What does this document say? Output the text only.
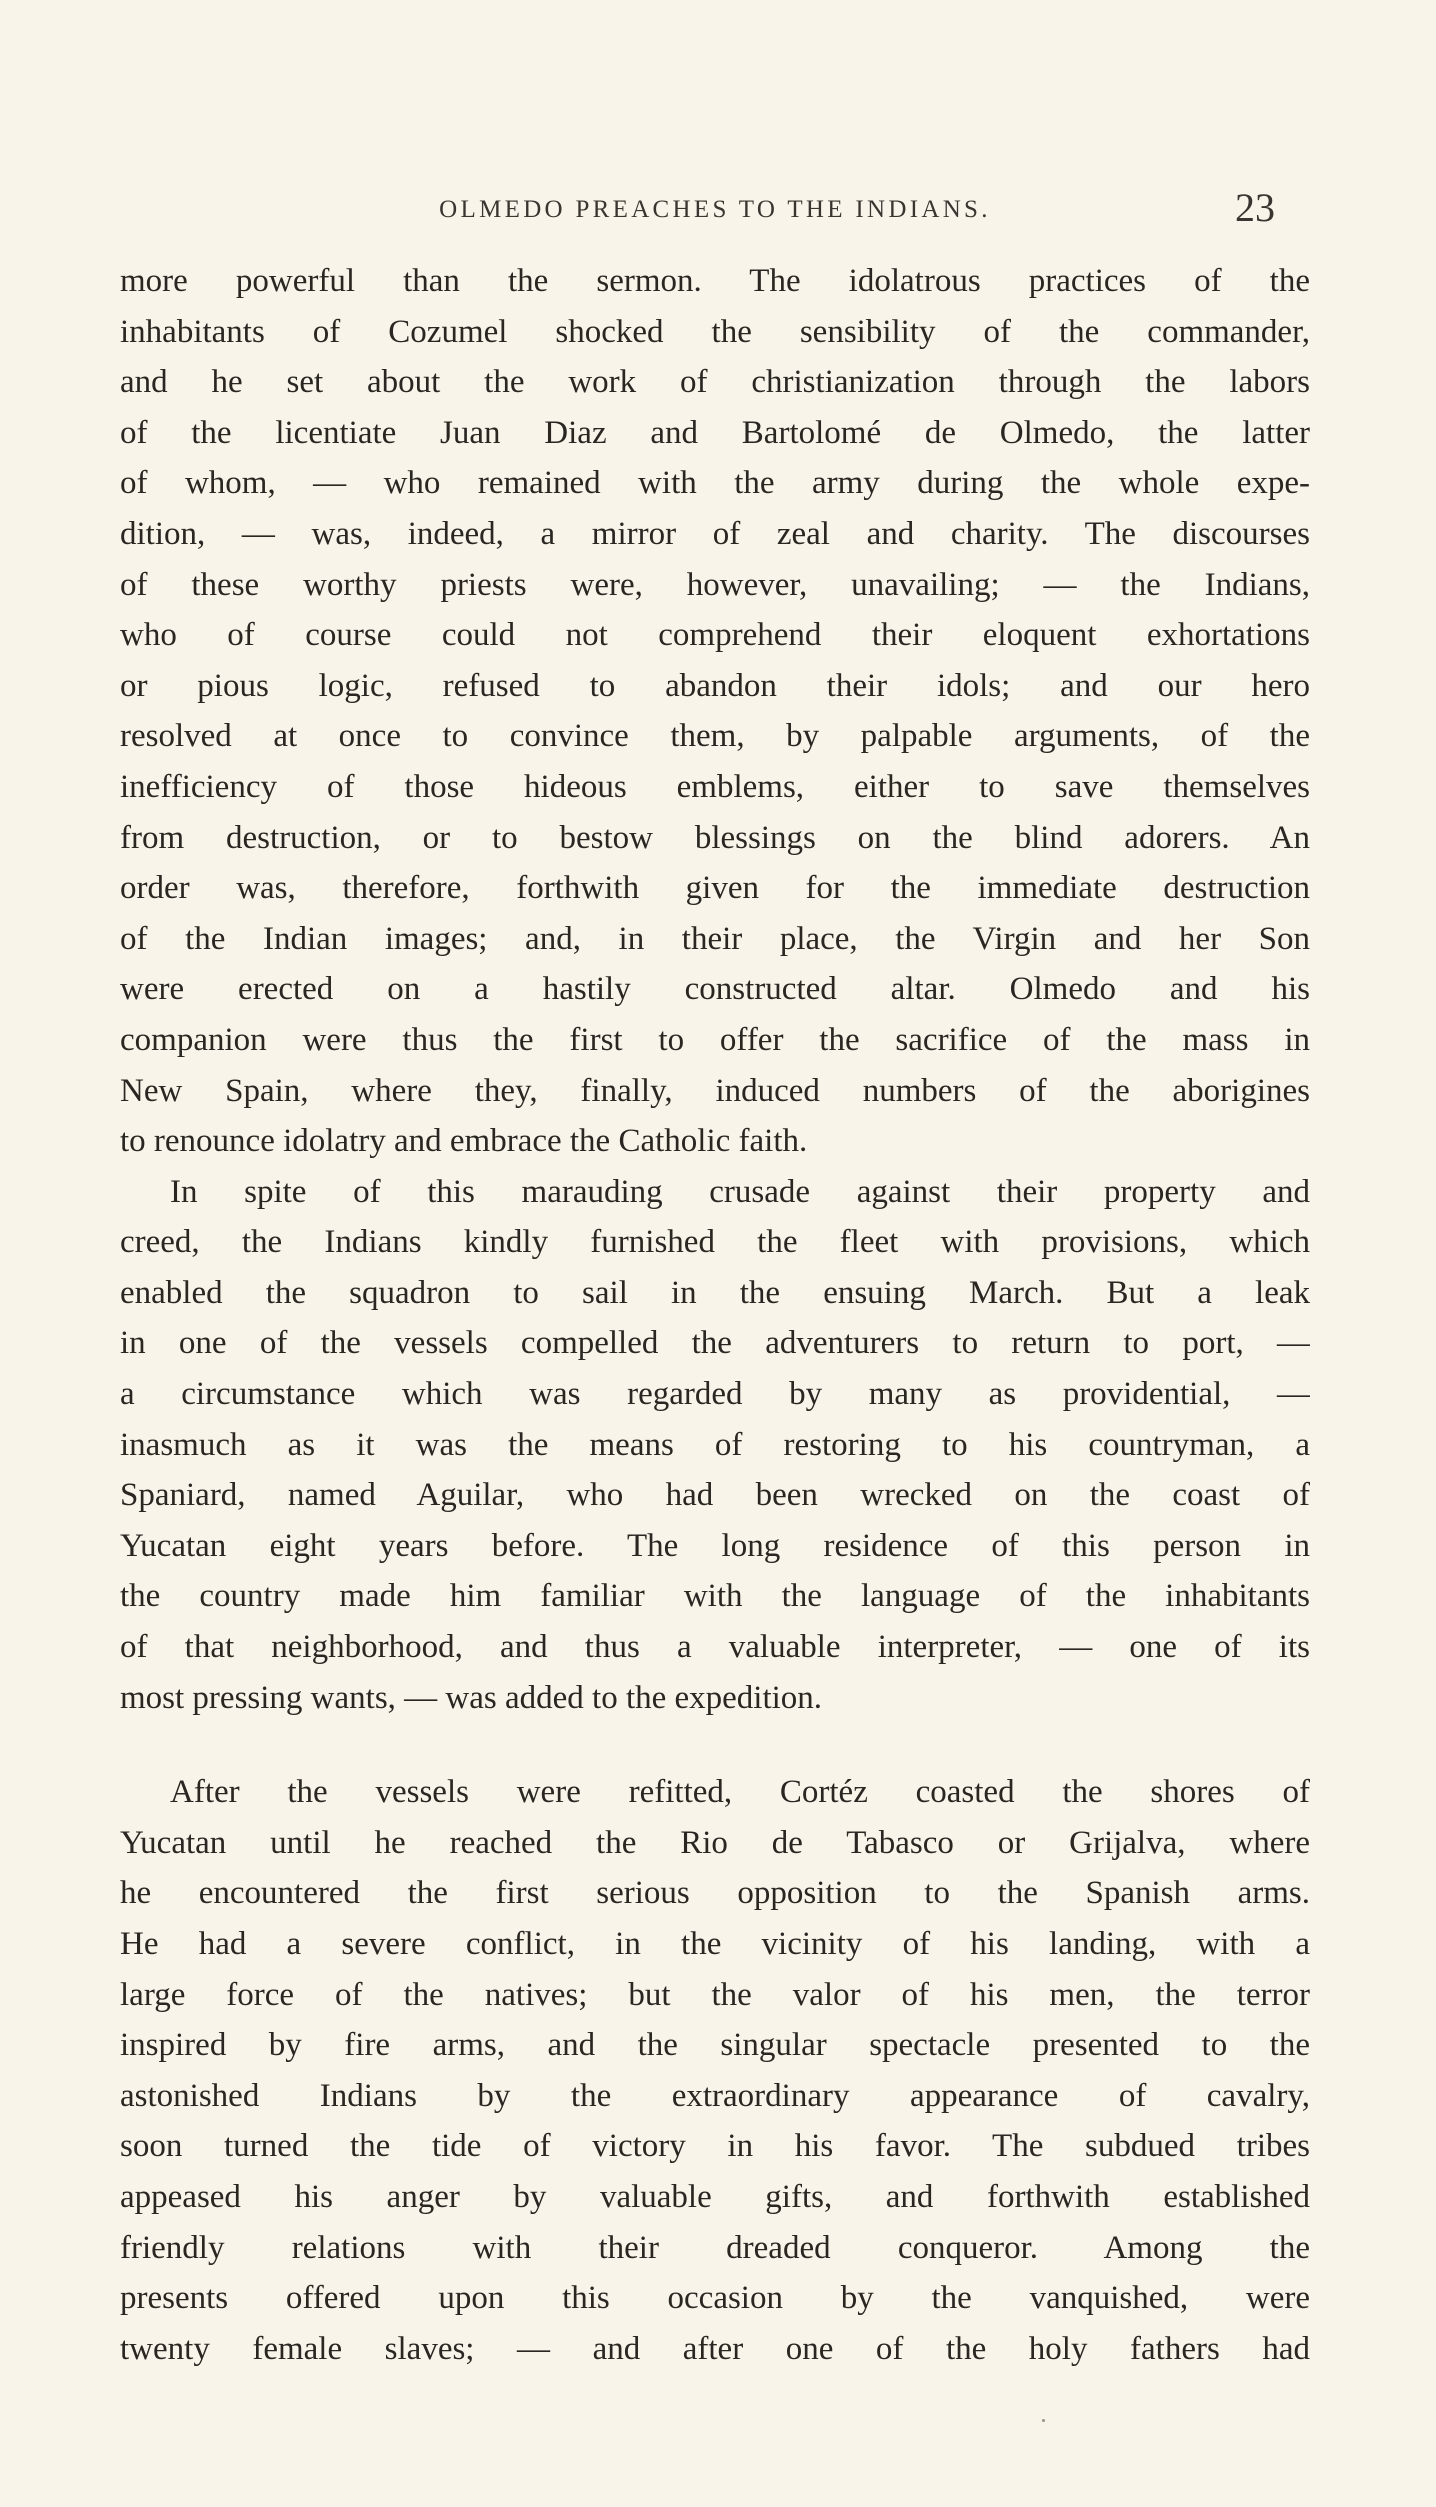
OLMEDO PREACHES TO THE INDIANS.	23
more powerful than the sermon. The idolatrous practices of the
inhabitants of Cozumel shocked the sensibility of the commander,
and he set about the work of christianization through the labors
of the licentiate Juan Diaz and Bartolomé de Olmedo, the latter
of whom, — who remained with the army during the whole expe-
dition, — was, indeed, a mirror of zeal and charity. The discourses
of these worthy priests were, however, unavailing; — the Indians,
who of course could not comprehend their eloquent exhortations
or pious logic, refused to abandon their idols; and our hero
resolved at once to convince them, by palpable arguments, of the
inefficiency of those hideous emblems, either to save themselves
from destruction, or to bestow blessings on the blind adorers. An
order was, therefore, forthwith given for the immediate destruction
of the Indian images; and, in their place, the Virgin and her Son
were erected on a hastily constructed altar. Olmedo and his
companion were thus the first to offer the sacrifice of the mass in
New Spain, where they, finally, induced numbers of the aborigines
to renounce idolatry and embrace the Catholic faith.
In spite of this marauding crusade against their property and
creed, the Indians kindly furnished the fleet with provisions, which
enabled the squadron to sail in the ensuing March. But a leak
in one of the vessels compelled the adventurers to return to port, —
a circumstance which was regarded by many as providential, —
inasmuch as it was the means of restoring to his countryman, a
Spaniard, named Aguilar, who had been wrecked on the coast of
Yucatan eight years before. The long residence of this person in
the country made him familiar with the language of the inhabitants
of that neighborhood, and thus a valuable interpreter, — one of its
most pressing wants, — was added to the expedition.
After the vessels were refitted, Cortéz coasted the shores of
Yucatan until he reached the Rio de Tabasco or Grijalva, where
he encountered the first serious opposition to the Spanish arms.
He had a severe conflict, in the vicinity of his landing, with a
large force of the natives; but the valor of his men, the terror
inspired by fire arms, and the singular spectacle presented to the
astonished Indians by the extraordinary appearance of cavalry,
soon turned the tide of victory in his favor. The subdued tribes
appeased his anger by valuable gifts, and forthwith established
friendly relations with their dreaded conqueror. Among the
presents offered upon this occasion by the vanquished, were
twenty female slaves; — and after one of the holy fathers had
